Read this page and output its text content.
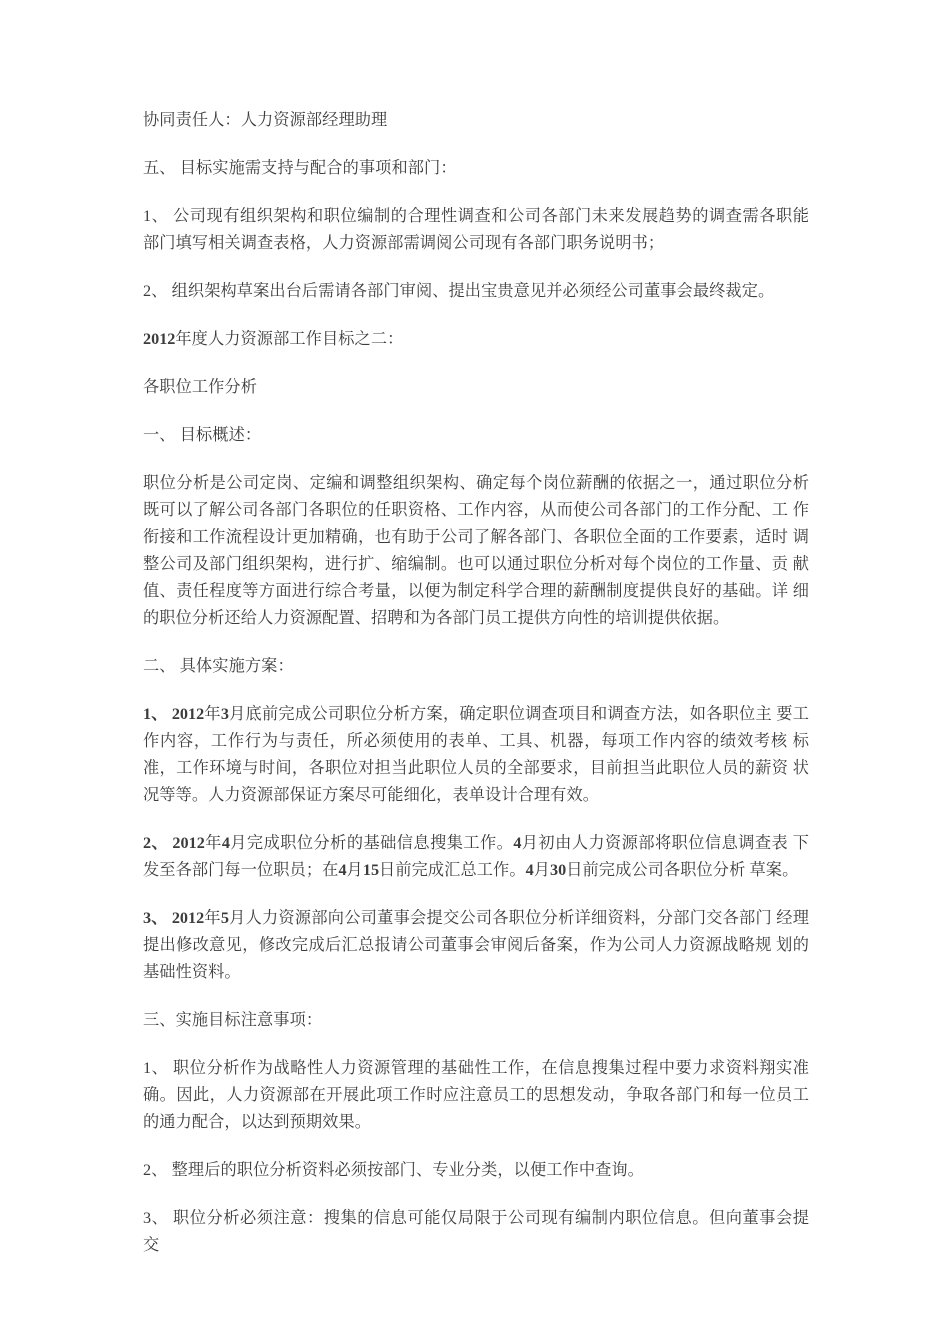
协同责任人：人力资源部经理助理

五、 目标实施需支持与配合的事项和部门：

1、 公司现有组织架构和职位编制的合理性调查和公司各部门未来发展趋势的调查需各职能 部门填写相关调查表格，人力资源部需调阅公司现有各部门职务说明书；

2、 组织架构草案出台后需请各部门审阅、提出宝贵意见并必须经公司董事会最终裁定。

2012年度人力资源部工作目标之二：

各职位工作分析

一、 目标概述：

职位分析是公司定岗、定编和调整组织架构、确定每个岗位薪酬的依据之一，通过职位分析 既可以了解公司各部门各职位的任职资格、工作内容，从而使公司各部门的工作分配、工 作衔接和工作流程设计更加精确，也有助于公司了解各部门、各职位全面的工作要素，适时 调整公司及部门组织架构，进行扩、缩编制。也可以通过职位分析对每个岗位的工作量、贡 献值、责任程度等方面进行综合考量，以便为制定科学合理的薪酬制度提供良好的基础。详 细的职位分析还给人力资源配置、招聘和为各部门员工提供方向性的培训提供依据。

二、 具体实施方案：

1、 2012年3月底前完成公司职位分析方案，确定职位调查项目和调查方法，如各职位主 要工作内容，工作行为与责任，所必须使用的表单、工具、机器，每项工作内容的绩效考核 标准，工作环境与时间，各职位对担当此职位人员的全部要求，目前担当此职位人员的薪资 状况等等。人力资源部保证方案尽可能细化，表单设计合理有效。

2、 2012年4月完成职位分析的基础信息搜集工作。4月初由人力资源部将职位信息调查表 下发至各部门每一位职员；在4月15日前完成汇总工作。4月30日前完成公司各职位分析 草案。

3、 2012年5月人力资源部向公司董事会提交公司各职位分析详细资料，分部门交各部门 经理提出修改意见，修改完成后汇总报请公司董事会审阅后备案，作为公司人力资源战略规 划的基础性资料。

三、实施目标注意事项：

1、 职位分析作为战略性人力资源管理的基础性工作，在信息搜集过程中要力求资料翔实准 确。因此，人力资源部在开展此项工作时应注意员工的思想发动，争取各部门和每一位员工 的通力配合，以达到预期效果。

2、 整理后的职位分析资料必须按部门、专业分类，以便工作中查询。

3、 职位分析必须注意：搜集的信息可能仅局限于公司现有编制内职位信息。但向董事会提 交
